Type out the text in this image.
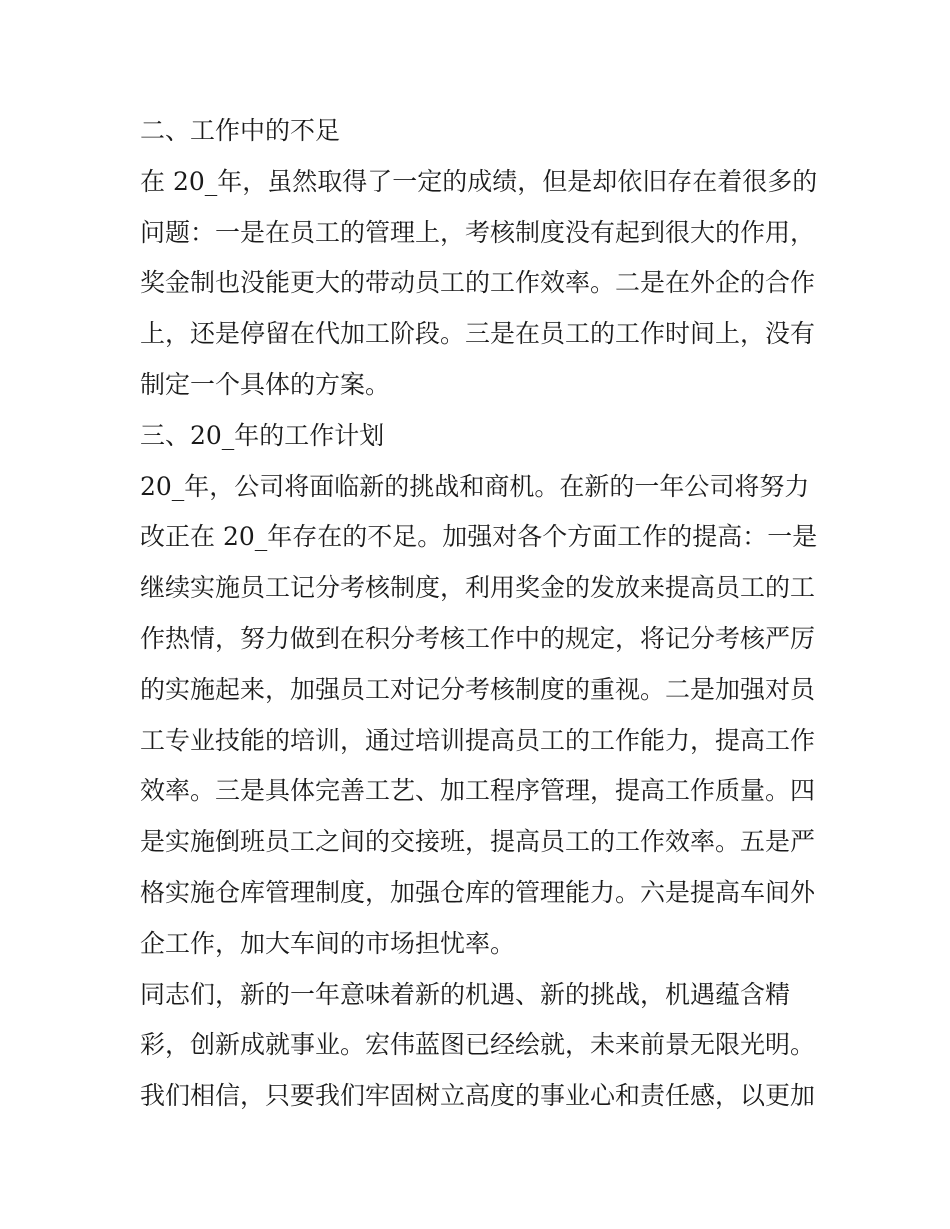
二、工作中的不足
在 20_年，虽然取得了一定的成绩，但是却依旧存在着很多的
问题：一是在员工的管理上，考核制度没有起到很大的作用，
奖金制也没能更大的带动员工的工作效率。二是在外企的合作
上，还是停留在代加工阶段。三是在员工的工作时间上，没有
制定一个具体的方案。
三、20_年的工作计划
20_年，公司将面临新的挑战和商机。在新的一年公司将努力
改正在 20_年存在的不足。加强对各个方面工作的提高：一是
继续实施员工记分考核制度，利用奖金的发放来提高员工的工
作热情，努力做到在积分考核工作中的规定，将记分考核严厉
的实施起来，加强员工对记分考核制度的重视。二是加强对员
工专业技能的培训，通过培训提高员工的工作能力，提高工作
效率。三是具体完善工艺、加工程序管理，提高工作质量。四
是实施倒班员工之间的交接班，提高员工的工作效率。五是严
格实施仓库管理制度，加强仓库的管理能力。六是提高车间外
企工作，加大车间的市场担忧率。
同志们，新的一年意味着新的机遇、新的挑战，机遇蕴含精
彩，创新成就事业。宏伟蓝图已经绘就，未来前景无限光明。
我们相信，只要我们牢固树立高度的事业心和责任感，以更加
